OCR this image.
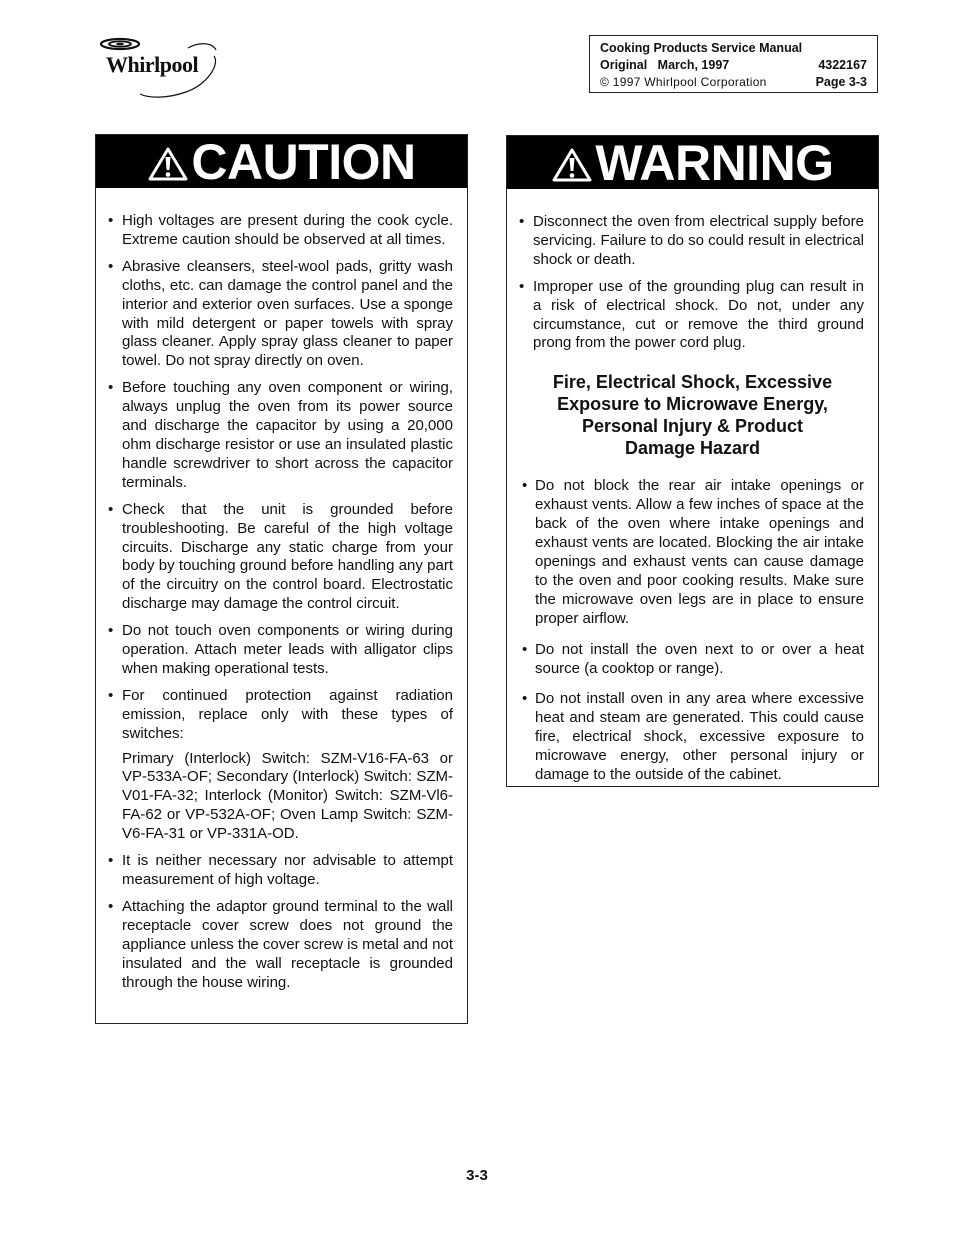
Whirlpool
Cooking Products Service Manual
Original March, 1997	4322167
© 1997 Whirlpool Corporation	Page 3-3
CAUTION
• High voltages are present during the cook cycle. Extreme caution should be observed at all times.
• Abrasive cleansers, steel-wool pads, gritty wash cloths, etc. can damage the control panel and the interior and exterior oven surfaces. Use a sponge with mild detergent or paper towels with spray glass cleaner. Apply spray glass cleaner to paper towel. Do not spray directly on oven.
• Before touching any oven component or wiring, always unplug the oven from its power source and discharge the capacitor by using a 20,000 ohm discharge resistor or use an insulated plastic handle screwdriver to short across the capacitor terminals.
• Check that the unit is grounded before troubleshooting. Be careful of the high voltage circuits. Discharge any static charge from your body by touching ground before handling any part of the circuitry on the control board. Electrostatic discharge may damage the control circuit.
• Do not touch oven components or wiring during operation. Attach meter leads with alligator clips when making operational tests.
• For continued protection against radiation emission, replace only with these types of switches:
Primary (Interlock) Switch: SZM-V16-FA-63 or VP-533A-OF; Secondary (Interlock) Switch: SZM-V01-FA-32; Interlock (Monitor) Switch: SZM-Vl6-FA-62 or VP-532A-OF; Oven Lamp Switch: SZM-V6-FA-31 or VP-331A-OD.
• It is neither necessary nor advisable to attempt measurement of high voltage.
• Attaching the adaptor ground terminal to the wall receptacle cover screw does not ground the appliance unless the cover screw is metal and not insulated and the wall receptacle is grounded through the house wiring.
WARNING
• Disconnect the oven from electrical supply before servicing. Failure to do so could result in electrical shock or death.
• Improper use of the grounding plug can result in a risk of electrical shock. Do not, under any circumstance, cut or remove the third ground prong from the power cord plug.
Fire, Electrical Shock, Excessive
Exposure to Microwave Energy,
Personal Injury & Product
Damage Hazard
• Do not block the rear air intake openings or exhaust vents. Allow a few inches of space at the back of the oven where intake openings and exhaust vents are located. Blocking the air intake openings and exhaust vents can cause damage to the oven and poor cooking results. Make sure the microwave oven legs are in place to ensure proper airflow.
• Do not install the oven next to or over a heat source (a cooktop or range).
• Do not install oven in any area where excessive heat and steam are generated. This could cause fire, electrical shock, excessive exposure to microwave energy, other personal injury or damage to the outside of the cabinet.
3-3
